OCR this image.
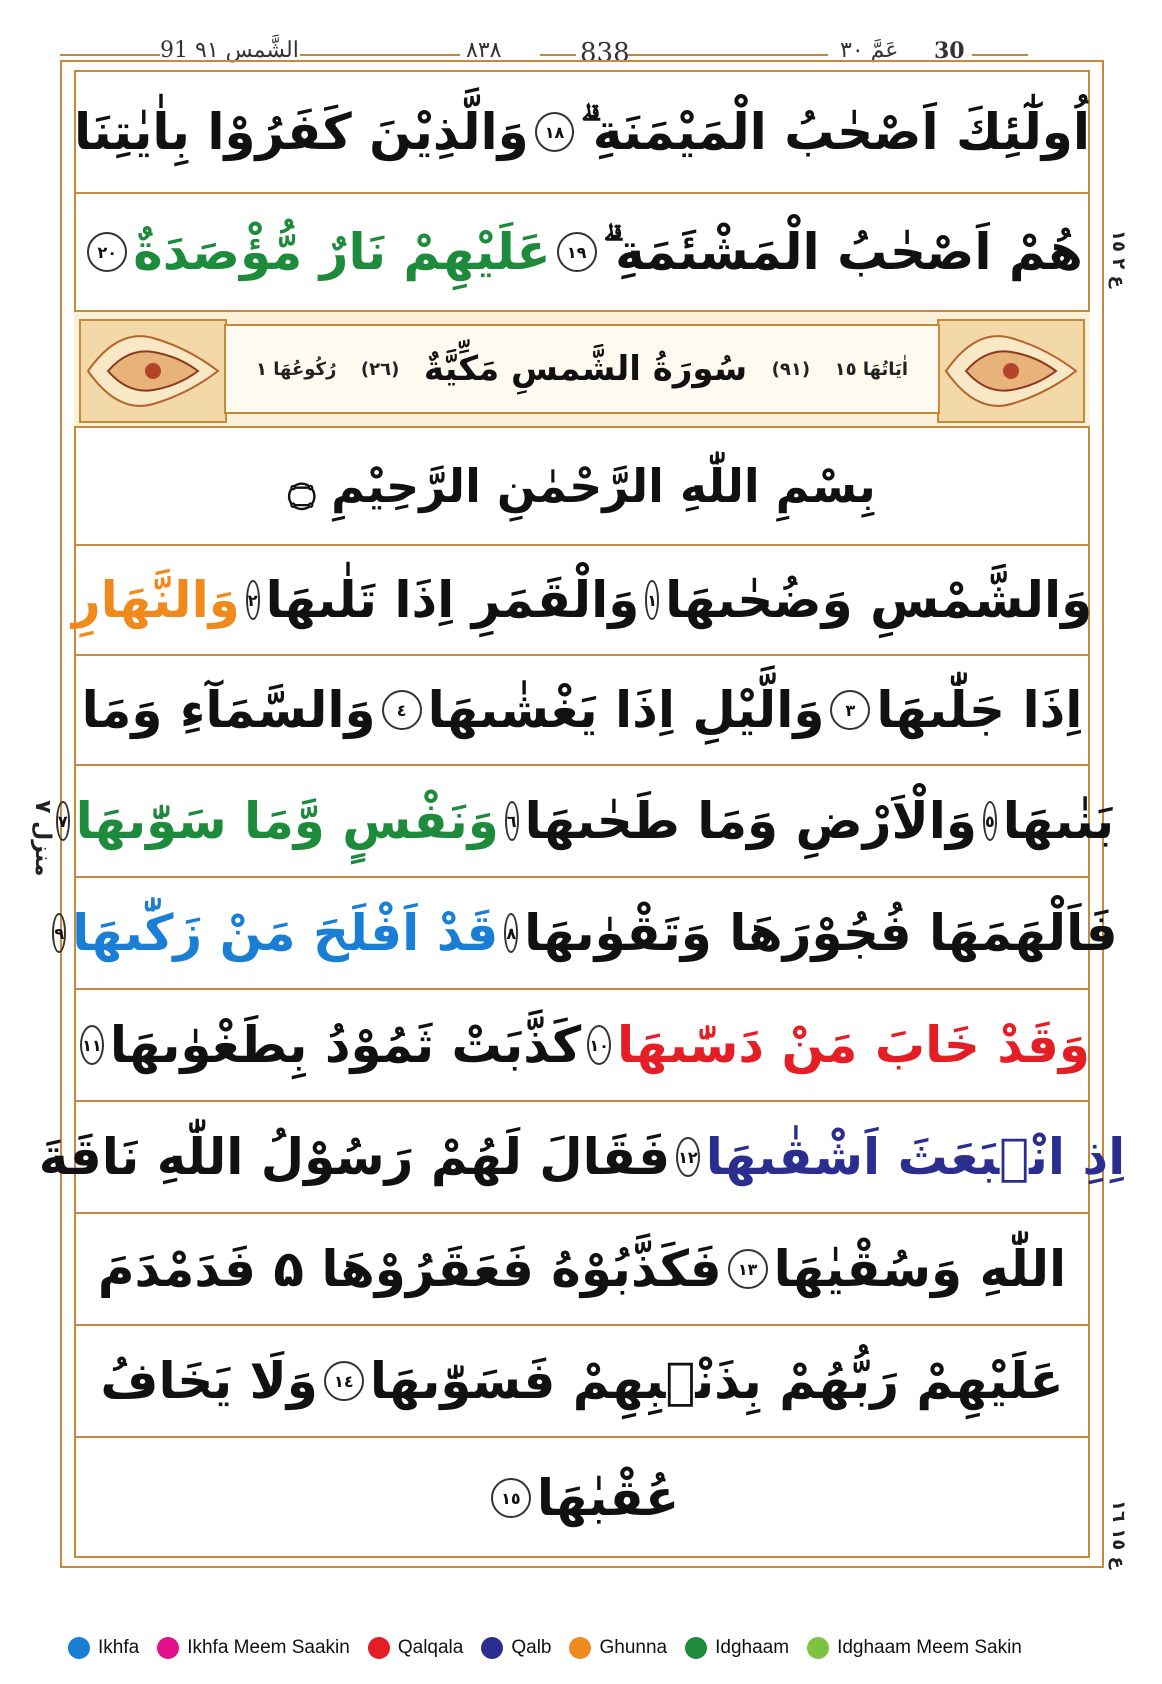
91 الشَّمس ٩١	٨٣٨	838	عَمَّ ٣٠ 30
منزل ٧
ع ٢ ١٥
ع ١٥ ١٦
اُولٰٓئِكَ اَصْحٰبُ الْمَيْمَنَةِ ۗ
١٨
وَالَّذِيْنَ كَفَرُوْا بِاٰيٰتِنَا
هُمْ اَصْحٰبُ الْمَشْئَمَةِ ۗ
١٩
عَلَيْهِمْ نَارٌ مُّؤْصَدَةٌ
٢٠
اٰيَاتُهَا ١٥
(٩١)
سُورَةُ الشَّمسِ مَكِّيَّةٌ
(٢٦)
رُكُوعُهَا ١
بِسْمِ اللّٰهِ الرَّحْمٰنِ الرَّحِيْمِ ۝
وَالشَّمْسِ وَضُحٰىهَا
١
وَالْقَمَرِ اِذَا تَلٰىهَا
٢
وَالنَّهَارِ
اِذَا جَلّٰىهَا
٣
وَالَّيْلِ اِذَا يَغْشٰىهَا
٤
وَالسَّمَآءِ وَمَا
بَنٰىهَا
٥
وَالْاَرْضِ وَمَا طَحٰىهَا
٦
وَنَفْسٍ وَّمَا سَوّٰىهَا
٧
فَاَلْهَمَهَا فُجُوْرَهَا وَتَقْوٰىهَا
٨
قَدْ اَفْلَحَ مَنْ زَكّٰىهَا
٩
وَقَدْ خَابَ مَنْ دَسّٰىهَا
١٠
كَذَّبَتْ ثَمُوْدُ بِطَغْوٰىهَا
١١
اِذِ انْۢبَعَثَ اَشْقٰىهَا
١٢
فَقَالَ لَهُمْ رَسُوْلُ اللّٰهِ نَاقَةَ
اللّٰهِ وَسُقْيٰهَا
١٣
فَكَذَّبُوْهُ فَعَقَرُوْهَا ۵ فَدَمْدَمَ
عَلَيْهِمْ رَبُّهُمْ بِذَنْۢبِهِمْ فَسَوّٰىهَا
١٤
وَلَا يَخَافُ
عُقْبٰهَا
١٥
Ikhfa	Ikhfa Meem Saakin	Qalqala	Qalb	Ghunna	Idghaam	Idghaam Meem Sakin
